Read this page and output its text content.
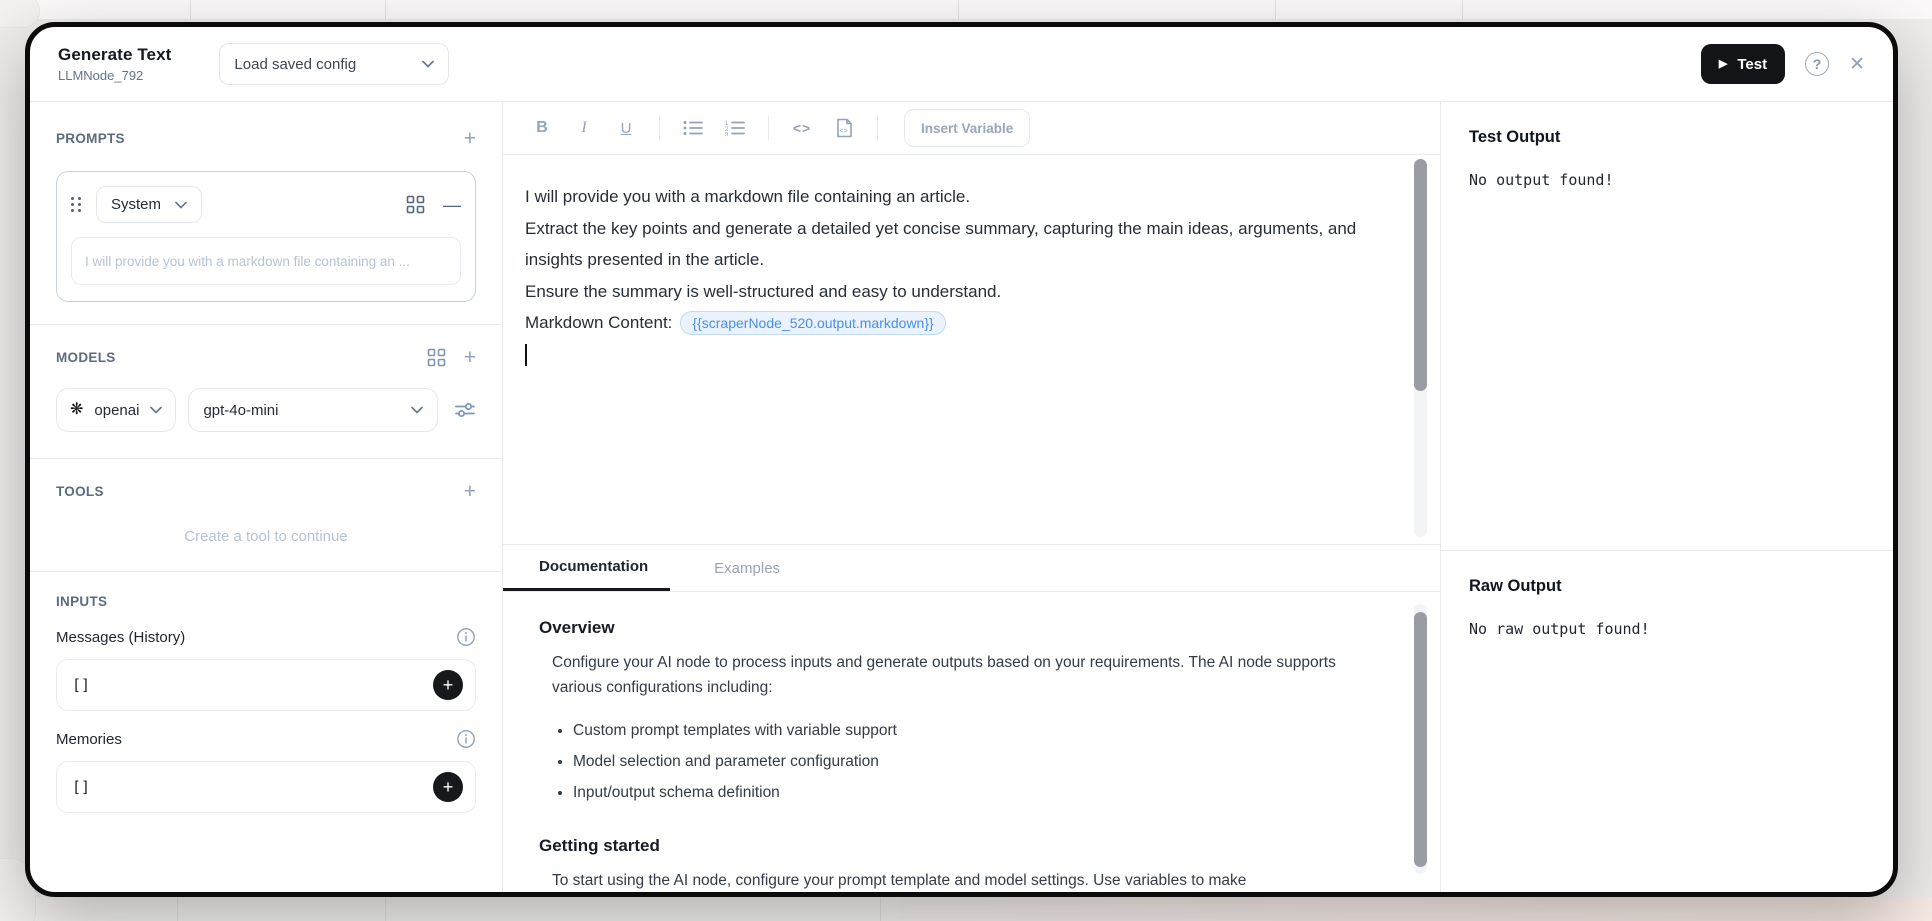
Generate Text
LLMNode_792
Load saved config	▶ Test	?	✕
PROMPTS	+
System	—
I will provide you with a markdown file containing an ...
MODELS	+
❋ openai	gpt-4o-mini
TOOLS	+
Create a tool to continue
INPUTS
Messages (History)
[]	+
Memories
[]	+
B	I	U	1
2
3	<>	<>	Insert Variable

I will provide you with a markdown file containing an article.

Extract the key points and generate a detailed yet concise summary, capturing the main ideas, arguments, and insights presented in the article.

Ensure the summary is well-structured and easy to understand.

Markdown Content:	{{scraperNode_520.output.markdown}}
Documentation	Examples
Overview

Configure your AI node to process inputs and generate outputs based on your requirements. The AI node supports various configurations including:

• Custom prompt templates with variable support
• Model selection and parameter configuration
• Input/output schema definition
Getting started

To start using the AI node, configure your prompt template and model settings. Use variables to make

Test Output
No output found!
Raw Output
No raw output found!
